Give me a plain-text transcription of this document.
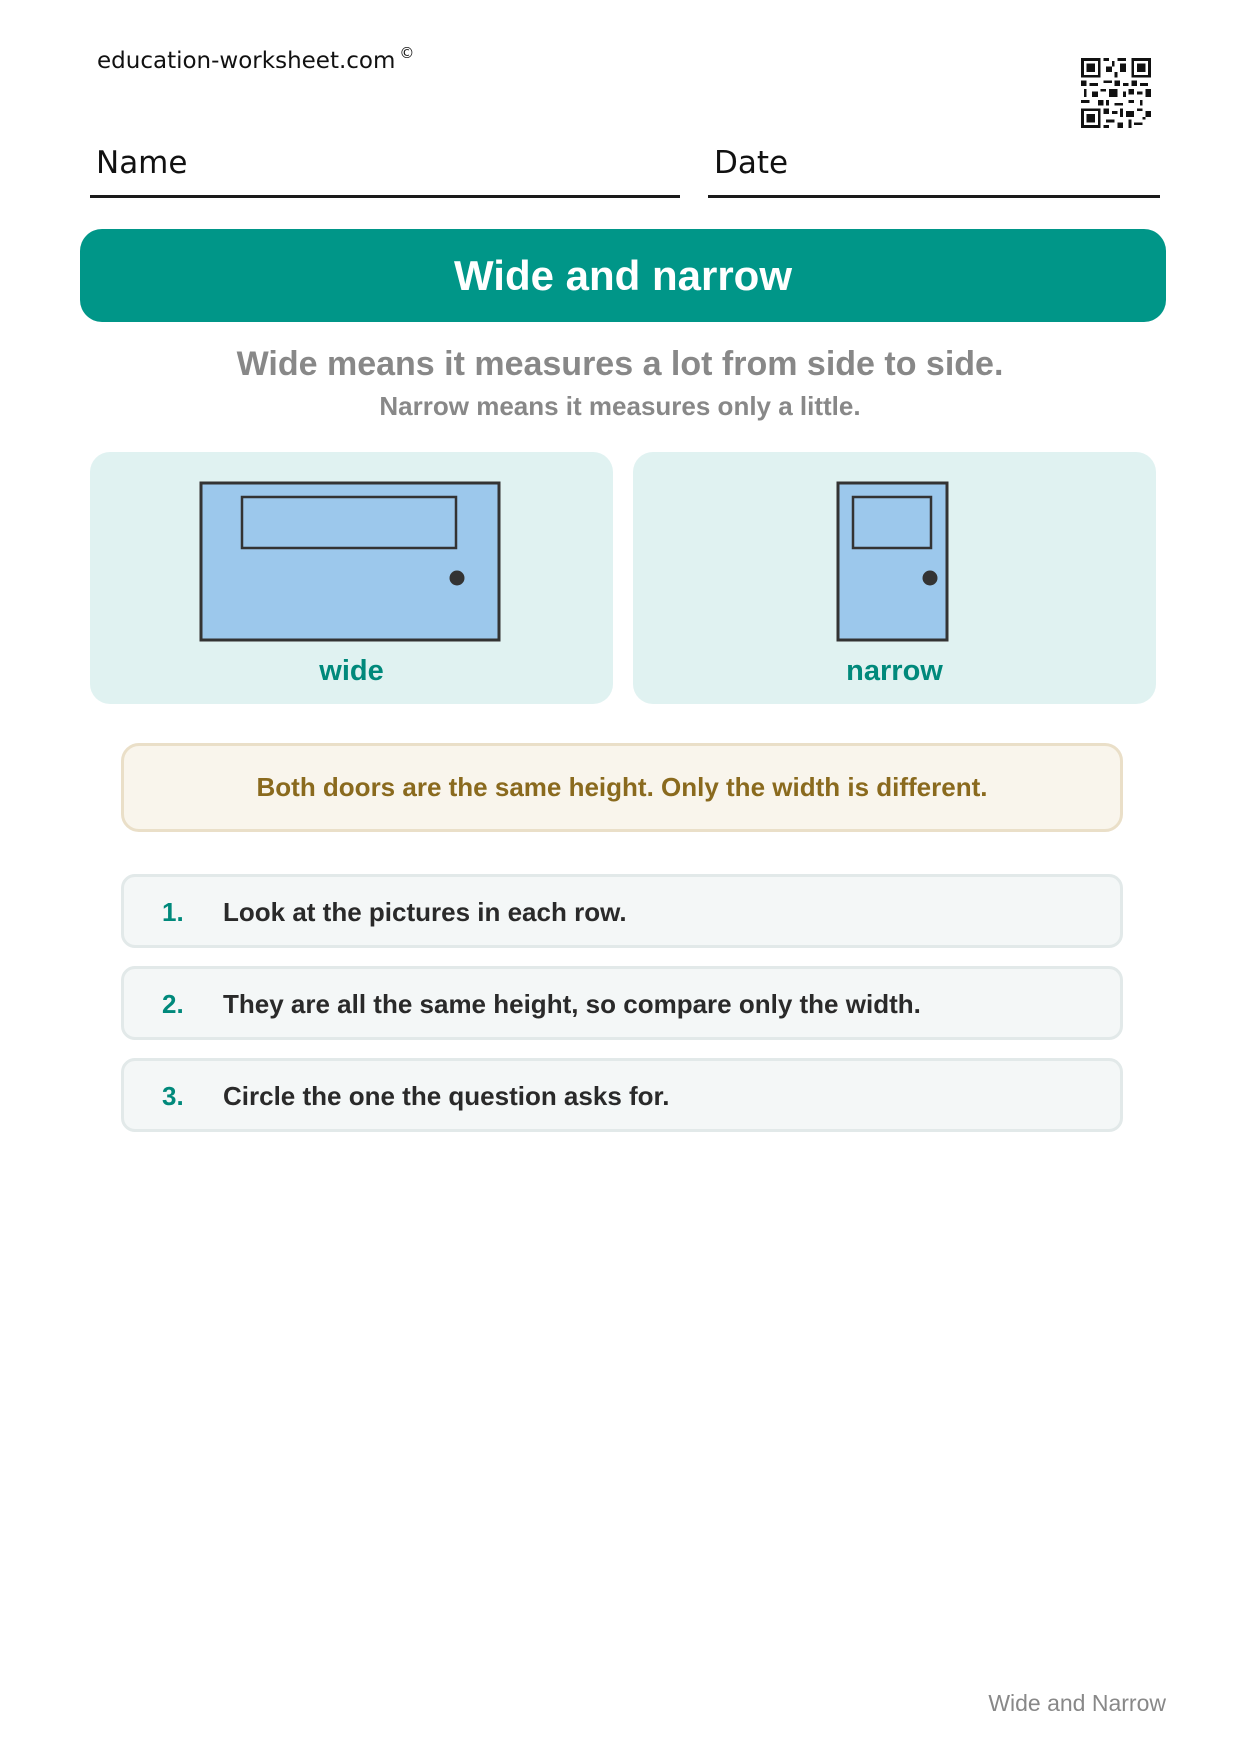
education-worksheet.com ©
Name	Date
Wide and narrow
Wide means it measures a lot from side to side.
Narrow means it measures only a little.
wide	narrow
Both doors are the same height. Only the width is different.
1. Look at the pictures in each row.
2. They are all the same height, so compare only the width.
3. Circle the one the question asks for.
Wide and Narrow
